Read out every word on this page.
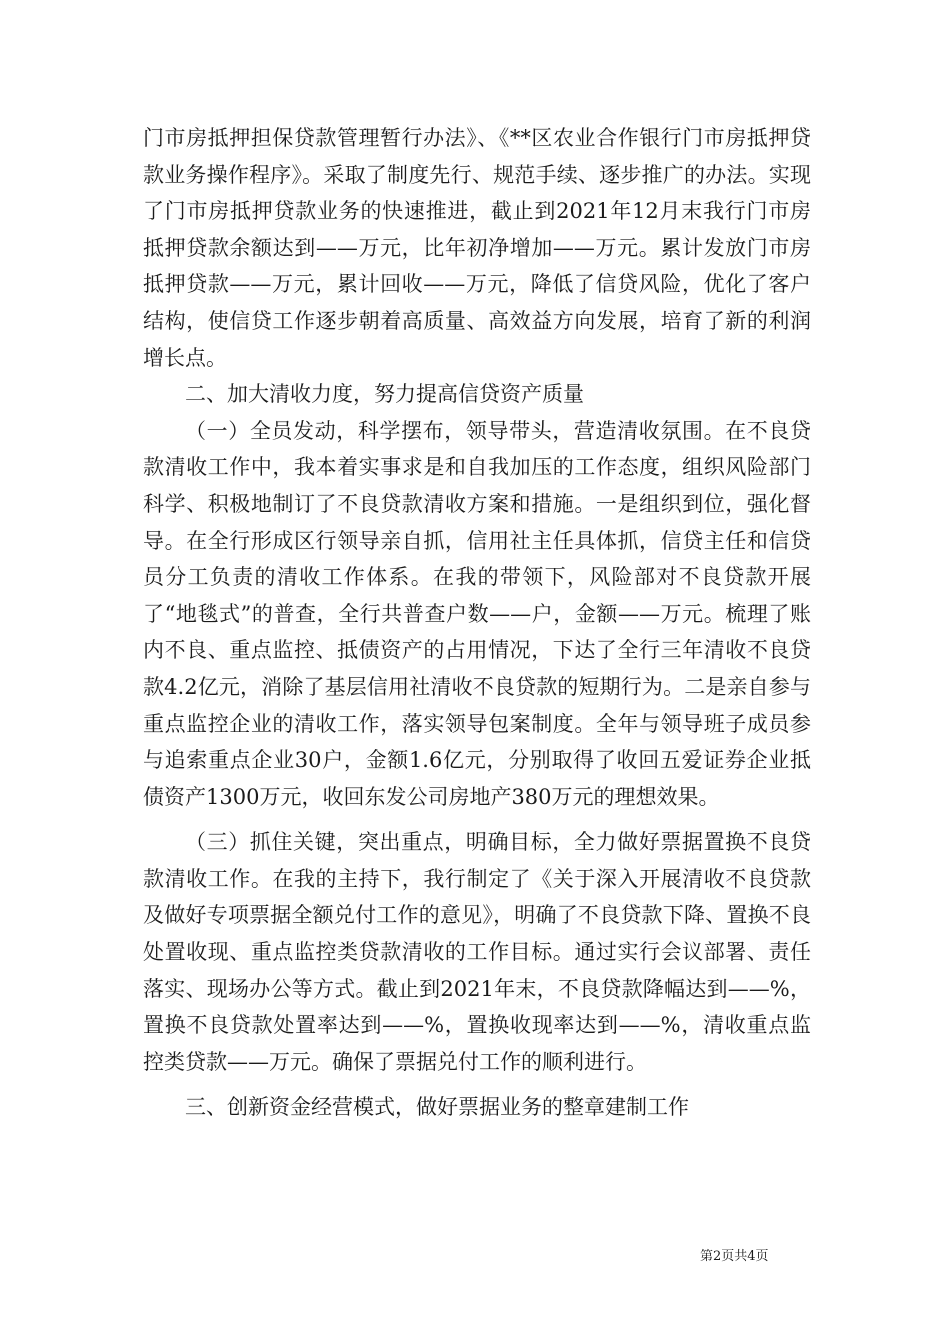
门市房抵押担保贷款管理暂行办法》、《**区农业合作银行门市房抵押贷款业务操作程序》。采取了制度先行、规范手续、逐步推广的办法。实现了门市房抵押贷款业务的快速推进，截止到2021年12月末我行门市房抵押贷款余额达到——万元，比年初净增加——万元。累计发放门市房抵押贷款——万元，累计回收——万元，降低了信贷风险，优化了客户结构，使信贷工作逐步朝着高质量、高效益方向发展，培育了新的利润增长点。

二、加大清收力度，努力提高信贷资产质量

（一）全员发动，科学摆布，领导带头，营造清收氛围。在不良贷款清收工作中，我本着实事求是和自我加压的工作态度，组织风险部门科学、积极地制订了不良贷款清收方案和措施。一是组织到位，强化督导。在全行形成区行领导亲自抓，信用社主任具体抓，信贷主任和信贷员分工负责的清收工作体系。在我的带领下，风险部对不良贷款开展了“地毯式”的普查，全行共普查户数——户，金额——万元。梳理了账内不良、重点监控、抵债资产的占用情况，下达了全行三年清收不良贷款4.2亿元，消除了基层信用社清收不良贷款的短期行为。二是亲自参与重点监控企业的清收工作，落实领导包案制度。全年与领导班子成员参与追索重点企业30户，金额1.6亿元，分别取得了收回五爱证券企业抵债资产1300万元，收回东发公司房地产380万元的理想效果。

（三）抓住关键，突出重点，明确目标，全力做好票据置换不良贷款清收工作。在我的主持下，我行制定了《关于深入开展清收不良贷款及做好专项票据全额兑付工作的意见》，明确了不良贷款下降、置换不良处置收现、重点监控类贷款清收的工作目标。通过实行会议部署、责任落实、现场办公等方式。截止到2021年末，不良贷款降幅达到——%，置换不良贷款处置率达到——%，置换收现率达到——%，清收重点监控类贷款——万元。确保了票据兑付工作的顺利进行。

三、创新资金经营模式，做好票据业务的整章建制工作

第2页共4页
